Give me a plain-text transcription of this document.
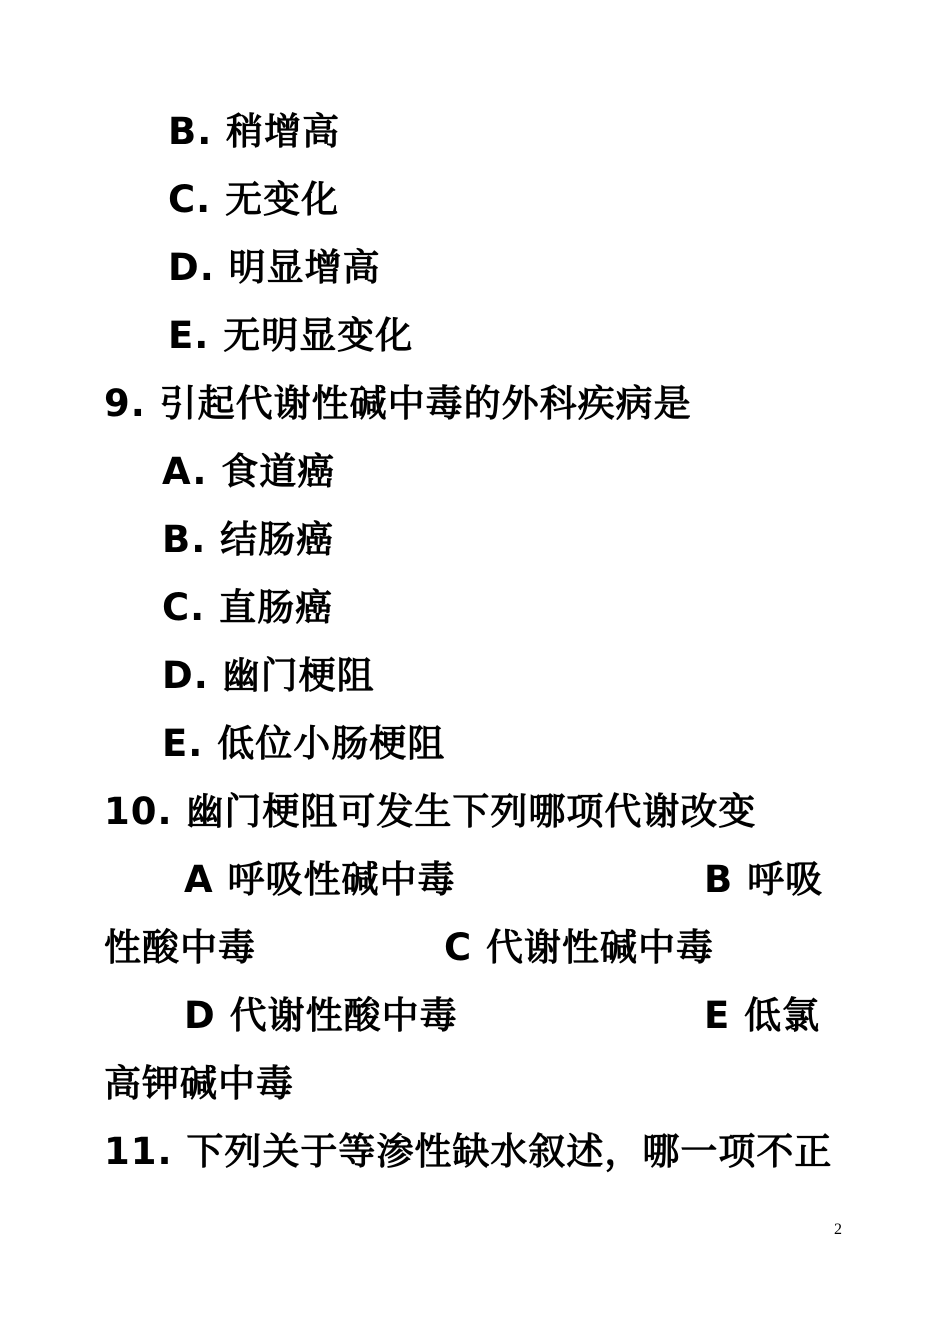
B. 稍增高
C. 无变化
D. 明显增高
E. 无明显变化
9. 引起代谢性碱中毒的外科疾病是
A. 食道癌
B. 结肠癌
C. 直肠癌
D. 幽门梗阻
E. 低位小肠梗阻
10. 幽门梗阻可发生下列哪项代谢改变
A 呼吸性碱中毒	B 呼吸
性酸中毒	C 代谢性碱中毒
D 代谢性酸中毒	E 低氯
高钾碱中毒
11. 下列关于等渗性缺水叙述，哪一项不正
2
